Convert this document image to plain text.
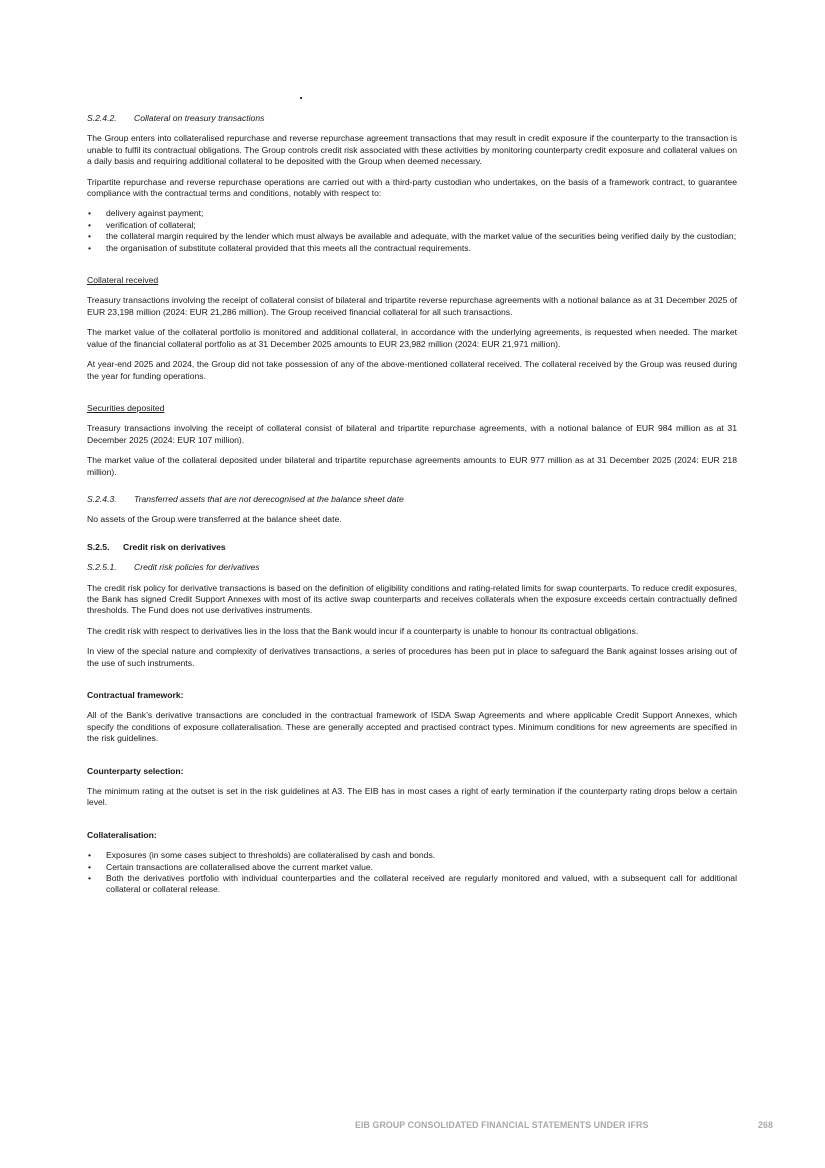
S.2.4.2. Collateral on treasury transactions

The Group enters into collateralised repurchase and reverse repurchase agreement transactions that may result in credit exposure if the counterparty to the transaction is unable to fulfil its contractual obligations. The Group controls credit risk associated with these activities by monitoring counterparty credit exposure and collateral values on a daily basis and requiring additional collateral to be deposited with the Group when deemed necessary.

Tripartite repurchase and reverse repurchase operations are carried out with a third-party custodian who undertakes, on the basis of a framework contract, to guarantee compliance with the contractual terms and conditions, notably with respect to:

• delivery against payment;
• verification of collateral;
• the collateral margin required by the lender which must always be available and adequate, with the market value of the securities being verified daily by the custodian;
• the organisation of substitute collateral provided that this meets all the contractual requirements.

Collateral received

Treasury transactions involving the receipt of collateral consist of bilateral and tripartite reverse repurchase agreements with a notional balance as at 31 December 2025 of EUR 23,198 million (2024: EUR 21,286 million). The Group received financial collateral for all such transactions.

The market value of the collateral portfolio is monitored and additional collateral, in accordance with the underlying agreements, is requested when needed. The market value of the financial collateral portfolio as at 31 December 2025 amounts to EUR 23,982 million (2024: EUR 21,971 million).

At year-end 2025 and 2024, the Group did not take possession of any of the above-mentioned collateral received. The collateral received by the Group was reused during the year for funding operations.

Securities deposited

Treasury transactions involving the receipt of collateral consist of bilateral and tripartite repurchase agreements, with a notional balance of EUR 984 million as at 31 December 2025 (2024: EUR 107 million).

The market value of the collateral deposited under bilateral and tripartite repurchase agreements amounts to EUR 977 million as at 31 December 2025 (2024: EUR 218 million).

S.2.4.3. Transferred assets that are not derecognised at the balance sheet date

No assets of the Group were transferred at the balance sheet date.

S.2.5. Credit risk on derivatives

S.2.5.1. Credit risk policies for derivatives

The credit risk policy for derivative transactions is based on the definition of eligibility conditions and rating-related limits for swap counterparts. To reduce credit exposures, the Bank has signed Credit Support Annexes with most of its active swap counterparts and receives collaterals when the exposure exceeds certain contractually defined thresholds. The Fund does not use derivatives instruments.

The credit risk with respect to derivatives lies in the loss that the Bank would incur if a counterparty is unable to honour its contractual obligations.

In view of the special nature and complexity of derivatives transactions, a series of procedures has been put in place to safeguard the Bank against losses arising out of the use of such instruments.

Contractual framework:

All of the Bank’s derivative transactions are concluded in the contractual framework of ISDA Swap Agreements and where applicable Credit Support Annexes, which specify the conditions of exposure collateralisation. These are generally accepted and practised contract types. Minimum conditions for new agreements are specified in the risk guidelines.

Counterparty selection:

The minimum rating at the outset is set in the risk guidelines at A3. The EIB has in most cases a right of early termination if the counterparty rating drops below a certain level.

Collateralisation:

• Exposures (in some cases subject to thresholds) are collateralised by cash and bonds.
• Certain transactions are collateralised above the current market value.
• Both the derivatives portfolio with individual counterparties and the collateral received are regularly monitored and valued, with a subsequent call for additional collateral or collateral release.
EIB GROUP CONSOLIDATED FINANCIAL STATEMENTS UNDER IFRS	268
